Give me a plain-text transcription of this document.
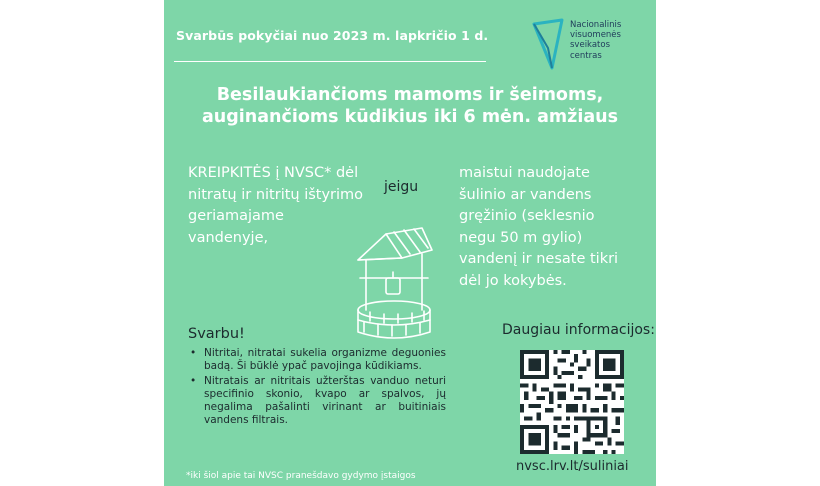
Svarbūs pokyčiai nuo 2023 m. lapkričio 1 d.
Nacionalinis
visuomenės
sveikatos
centras
Besilaukiančioms mamoms ir šeimoms,
auginančioms kūdikius iki 6 mėn. amžiaus
KREIPKITĖS į NVSC* dėl
nitratų ir nitritų ištyrimo
geriamajame
vandenyje,
jeigu
maistui naudojate
šulinio ar vandens
gręžinio (seklesnio
negu 50 m gylio)
vandenį ir nesate tikri
dėl jo kokybės.
Svarbu!
• Nitritai, nitratai sukelia organizme deguonies badą. Ši būklė ypač pavojinga kūdikiams.
• Nitratais ar nitritais užterštas vanduo neturi specifinio skonio, kvapo ar spalvos, jų negalima pašalinti virinant ar buitiniais vandens filtrais.
*iki šiol apie tai NVSC pranešdavo gydymo įstaigos
Daugiau informacijos:
nvsc.lrv.lt/suliniai
